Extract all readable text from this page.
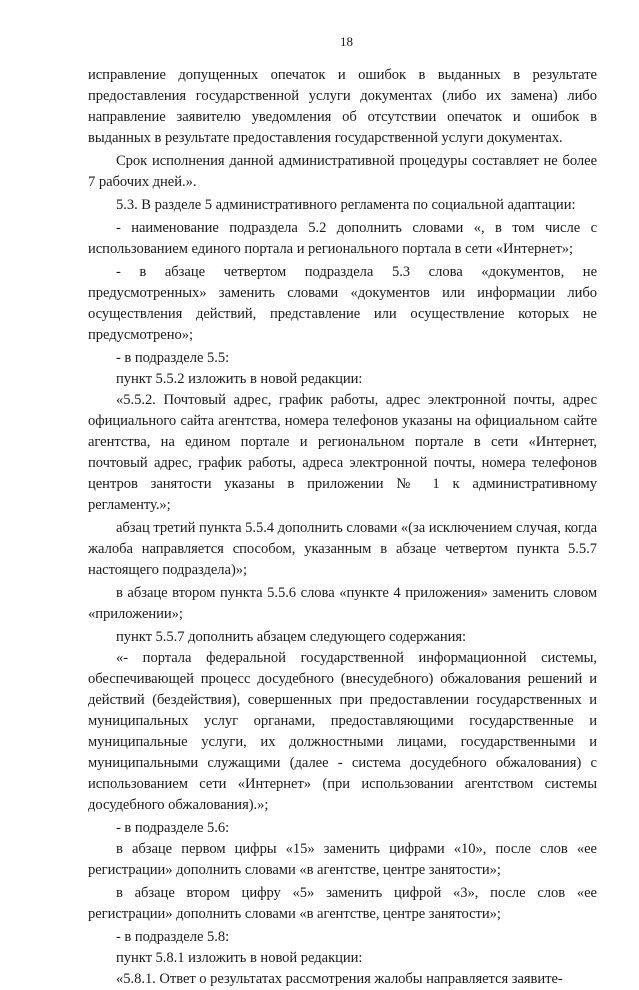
18

исправление допущенных опечаток и ошибок в выданных в результате предоставления государственной услуги документах (либо их замена) либо направление заявителю уведомления об отсутствии опечаток и ошибок в выданных в результате предоставления государственной услуги документах.

Срок исполнения данной административной процедуры составляет не более 7 рабочих дней.».

5.3. В разделе 5 административного регламента по социальной адаптации:

- наименование подраздела 5.2 дополнить словами «, в том числе с использованием единого портала и регионального портала в сети «Интернет»;

- в абзаце четвертом подраздела 5.3 слова «документов, не предусмотренных» заменить словами «документов или информации либо осуществления действий, представление или осуществление которых не предусмотрено»;

- в подразделе 5.5:

пункт 5.5.2 изложить в новой редакции:

«5.5.2. Почтовый адрес, график работы, адрес электронной почты, адрес официального сайта агентства, номера телефонов указаны на официальном сайте агентства, на едином портале и региональном портале в сети «Интернет, почтовый адрес, график работы, адреса электронной почты, номера телефонов центров занятости указаны в приложении № 1 к административному регламенту.»;

абзац третий пункта 5.5.4 дополнить словами «(за исключением случая, когда жалоба направляется способом, указанным в абзаце четвертом пункта 5.5.7 настоящего подраздела)»;

в абзаце втором пункта 5.5.6 слова «пункте 4 приложения» заменить словом «приложении»;

пункт 5.5.7 дополнить абзацем следующего содержания:

«- портала федеральной государственной информационной системы, обеспечивающей процесс досудебного (внесудебного) обжалования решений и действий (бездействия), совершенных при предоставлении государственных и муниципальных услуг органами, предоставляющими государственные и муниципальные услуги, их должностными лицами, государственными и муниципальными служащими (далее - система досудебного обжалования) с использованием сети «Интернет» (при использовании агентством системы досудебного обжалования).»;

- в подразделе 5.6:

в абзаце первом цифры «15» заменить цифрами «10», после слов «ее регистрации» дополнить словами «в агентстве, центре занятости»;

в абзаце втором цифру «5» заменить цифрой «3», после слов «ее регистрации» дополнить словами «в агентстве, центре занятости»;

- в подразделе 5.8:

пункт 5.8.1 изложить в новой редакции:

«5.8.1. Ответ о результатах рассмотрения жалобы направляется заявите-
